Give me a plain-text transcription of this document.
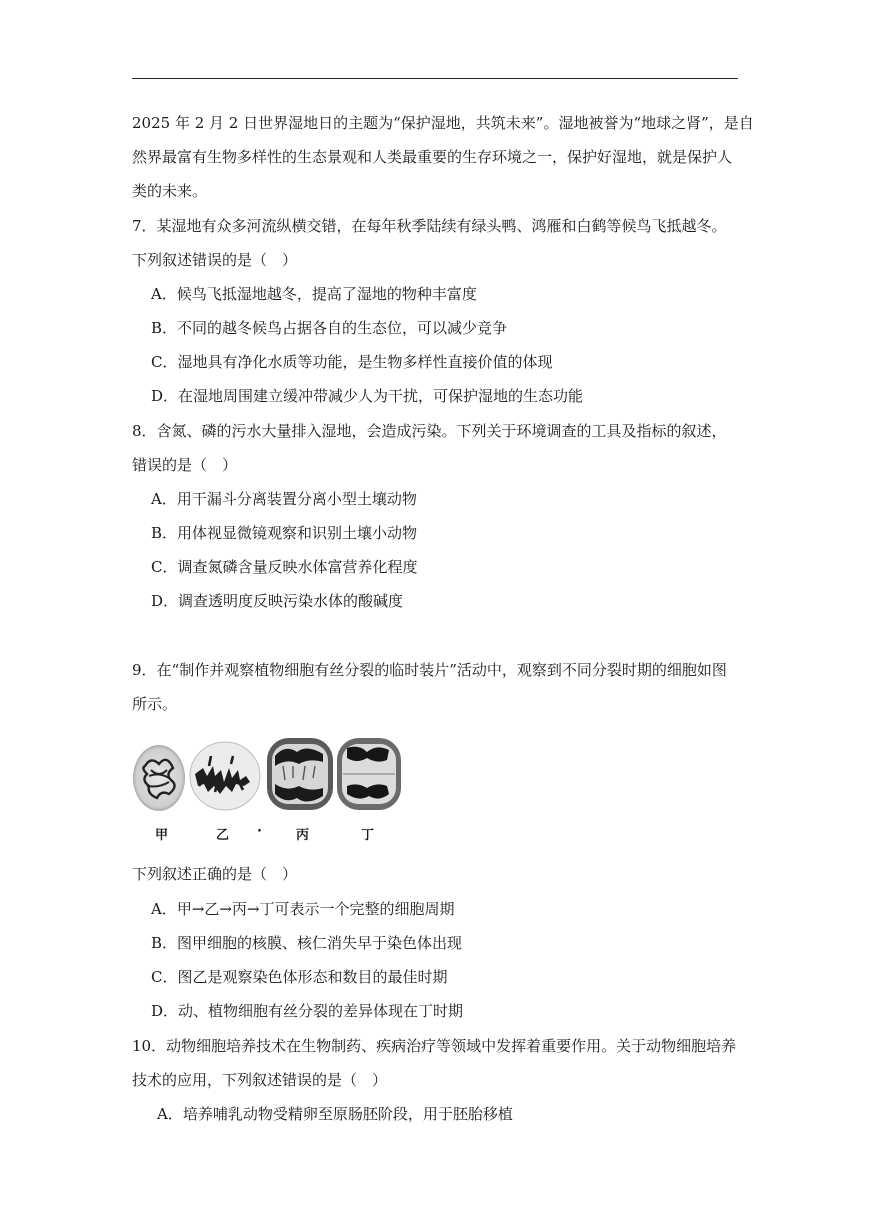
2025 年 2 月 2 日世界湿地日的主题为“保护湿地，共筑未来”。湿地被誉为“地球之肾”，是自
然界最富有生物多样性的生态景观和人类最重要的生存环境之一，保护好湿地，就是保护人
类的未来。
7．某湿地有众多河流纵横交错，在每年秋季陆续有绿头鸭、鸿雁和白鹤等候鸟飞抵越冬。
下列叙述错误的是（　）
A．候鸟飞抵湿地越冬，提高了湿地的物种丰富度
B．不同的越冬候鸟占据各自的生态位，可以减少竞争
C．湿地具有净化水质等功能，是生物多样性直接价值的体现
D．在湿地周围建立缓冲带减少人为干扰，可保护湿地的生态功能
8．含氮、磷的污水大量排入湿地，会造成污染。下列关于环境调查的工具及指标的叙述，
错误的是（　）
A．用干漏斗分离装置分离小型土壤动物
B．用体视显微镜观察和识别土壤小动物
C．调查氮磷含量反映水体富营养化程度
D．调查透明度反映污染水体的酸碱度
9．在“制作并观察植物细胞有丝分裂的临时装片”活动中，观察到不同分裂时期的细胞如图
所示。
甲	乙 ·	丙	丁
下列叙述正确的是（　）
A．甲→乙→丙→丁可表示一个完整的细胞周期
B．图甲细胞的核膜、核仁消失早于染色体出现
C．图乙是观察染色体形态和数目的最佳时期
D．动、植物细胞有丝分裂的差异体现在丁时期
10．动物细胞培养技术在生物制药、疾病治疗等领域中发挥着重要作用。关于动物细胞培养
技术的应用，下列叙述错误的是（　）
A．培养哺乳动物受精卵至原肠胚阶段，用于胚胎移植
